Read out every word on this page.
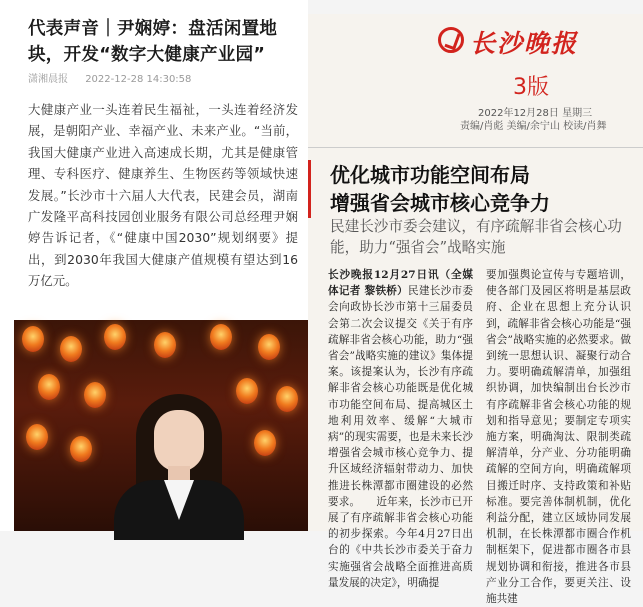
代表声音｜尹娴婷：盘活闲置地块，开发“数字大健康产业园”
潇湘晨报 2022-12-28 14:30:58
大健康产业一头连着民生福祉，一头连着经济发展，是朝阳产业、幸福产业、未来产业。“当前，我国大健康产业进入高速成长期，尤其是健康管理、专科医疗、健康养生、生物医药等领域快速发展。”长沙市十六届人大代表，民建会员，湖南广发隆平高科技园创业服务有限公司总经理尹娴婷告诉记者，《“健康中国2030”规划纲要》提出，到2030年我国大健康产值规模有望达到16万亿元。
长沙晚报
3版
2022年12月28日 星期三
责编/肖彪 美编/余宁山 校读/肖舞
优化城市功能空间布局
增强省会城市核心竞争力
民建长沙市委会建议，有序疏解非省会核心功能，助力“强省会”战略实施
长沙晚报12月27日讯（全媒体记者 黎铁桥）民建长沙市委会向政协长沙市第十三届委员会第二次会议提交《关于有序疏解非省会核心功能，助力“强省会”战略实施的建议》集体提案。该提案认为，长沙有序疏解非省会核心功能既是优化城市功能空间布局、提高城区土地利用效率、缓解“大城市病”的现实需要，也是未来长沙增强省会城市核心竞争力、提升区域经济辐射带动力、加快推进长株潭都市圈建设的必然要求。　　近年来，长沙市已开展了有序疏解非省会核心功能的初步探索。今年4月27日出台的《中共长沙市委关于奋力实施强省会战略全面推进高质量发展的决定》，明确提
要加强舆论宣传与专题培训，使各部门及园区将明是基层政府、企业在思想上充分认识到，疏解非省会核心功能是“强省会”战略实施的必然要求。做到统一思想认识、凝聚行动合力。要明确疏解清单，加强组织协调，加快编制出台长沙市有序疏解非省会核心功能的规划和指导意见；要制定专项实施方案，明确淘汰、限制类疏解清单，分产业、分功能明确疏解的空间方向，明确疏解项目搬迁时序、支持政策和补贴标准。要完善体制机制，优化利益分配，建立区域协同发展机制，在长株潭都市圈合作机制框架下，促进都市圈各市县规划协调和衔接，推进各市县产业分工合作，要更关注、设施共建
